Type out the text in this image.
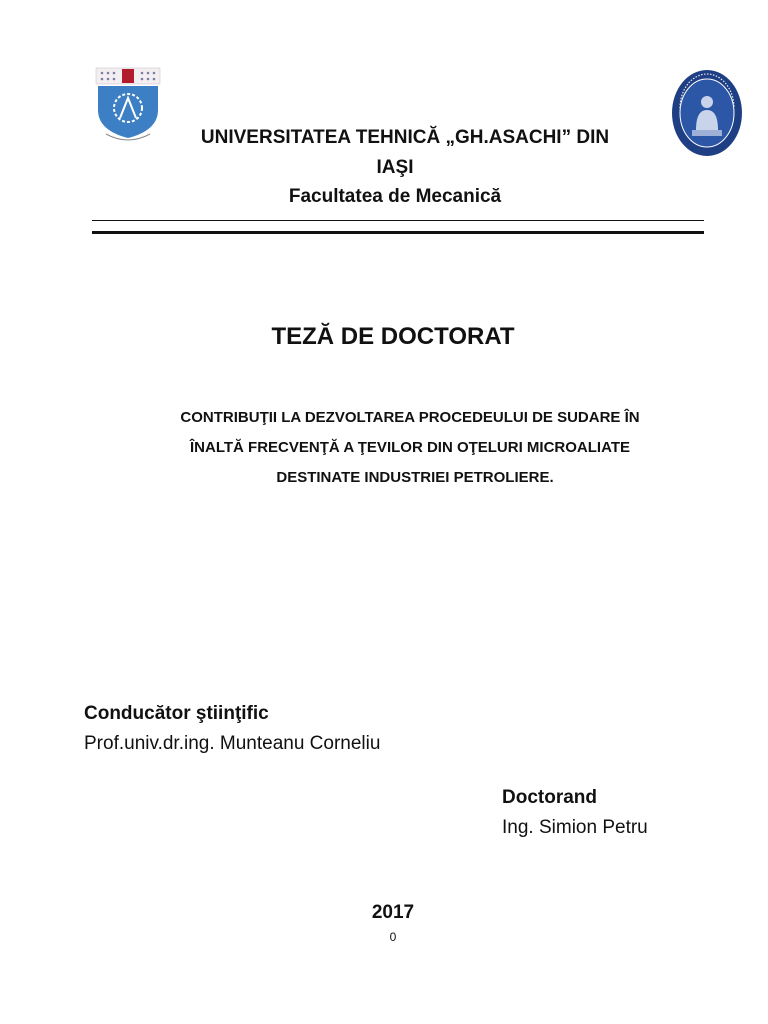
UNIVERSITATEA TEHNICĂ „GH.ASACHI” DIN
IAŞI
Facultatea de Mecanică
TEZĂ DE DOCTORAT
CONTRIBUŢII LA DEZVOLTAREA PROCEDEULUI DE SUDARE ÎN
ÎNALTĂ FRECVENŢĂ A ŢEVILOR DIN OŢELURI MICROALIATE
DESTINATE INDUSTRIEI PETROLIERE.
Conducător ştiinţific
Prof.univ.dr.ing. Munteanu Corneliu
Doctorand
Ing. Simion Petru
2017
0
